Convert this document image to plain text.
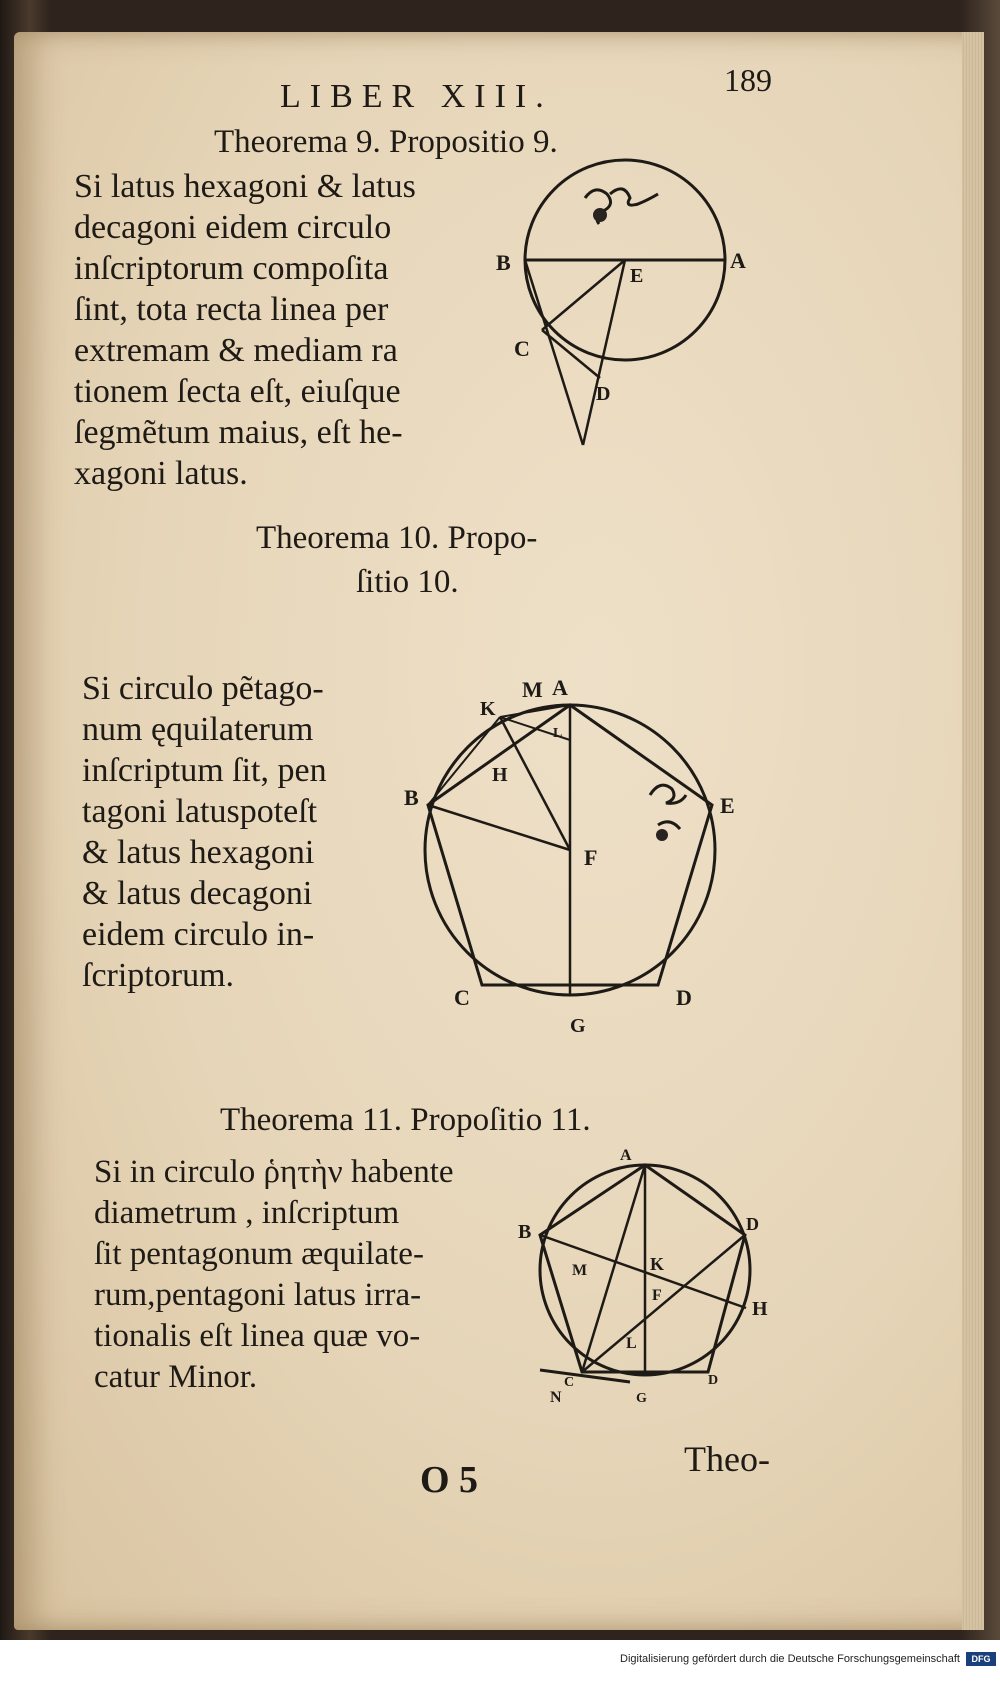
LIBER XIII.	189
Theorema 9. Propositio 9.
Si latus hexagoni & latus
decagoni eidem circulo
inſcriptorum compoſita
ſint, tota recta linea per
extremam & mediam ra
tionem ſecta eſt, eiuſque
ſegmẽtum maius, eſt he-
xagoni latus.
B
E
A
C
D
Theorema 10. Propo-
ſitio 10.
Si circulo pẽtago-
num ęquilaterum
inſcriptum ſit, pen
tagoni latuspoteſt
& latus hexagoni
& latus decagoni
eidem circulo in-
ſcriptorum.
M A
K
L
H
B	E
F
C	D
G
Theorema 11. Propoſitio 11.
Si in circulo ῥητὴν habente
diametrum , inſcriptum
ſit pentagonum æquilate-
rum,pentagoni latus irra-
tionalis eſt linea quæ vo-
catur Minor.
A
B	D
M	K
F
H
L
C	D
N	G
O 5	Theo-
Digitalisierung gefördert durch die Deutsche Forschungsgemeinschaft	DFG
